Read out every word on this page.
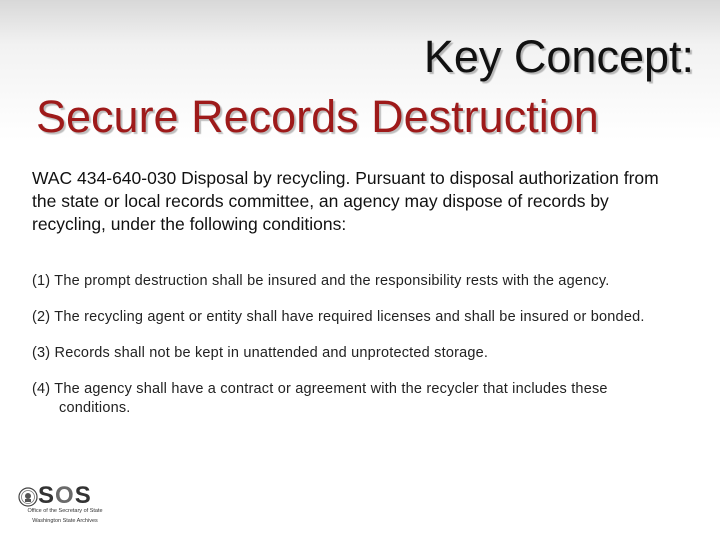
Key Concept:
Secure Records Destruction
WAC 434-640-030 Disposal by recycling. Pursuant to disposal authorization from the state or local records committee, an agency may dispose of records by recycling, under the following conditions:
(1) The prompt destruction shall be insured and the responsibility rests with the agency.
(2) The recycling agent or entity shall have required licenses and shall be insured or bonded.
(3) Records shall not be kept in unattended and unprotected storage.
(4) The agency shall have a contract or agreement with the recycler that includes these conditions.
SOS
Office of the Secretary of State
Washington State Archives
